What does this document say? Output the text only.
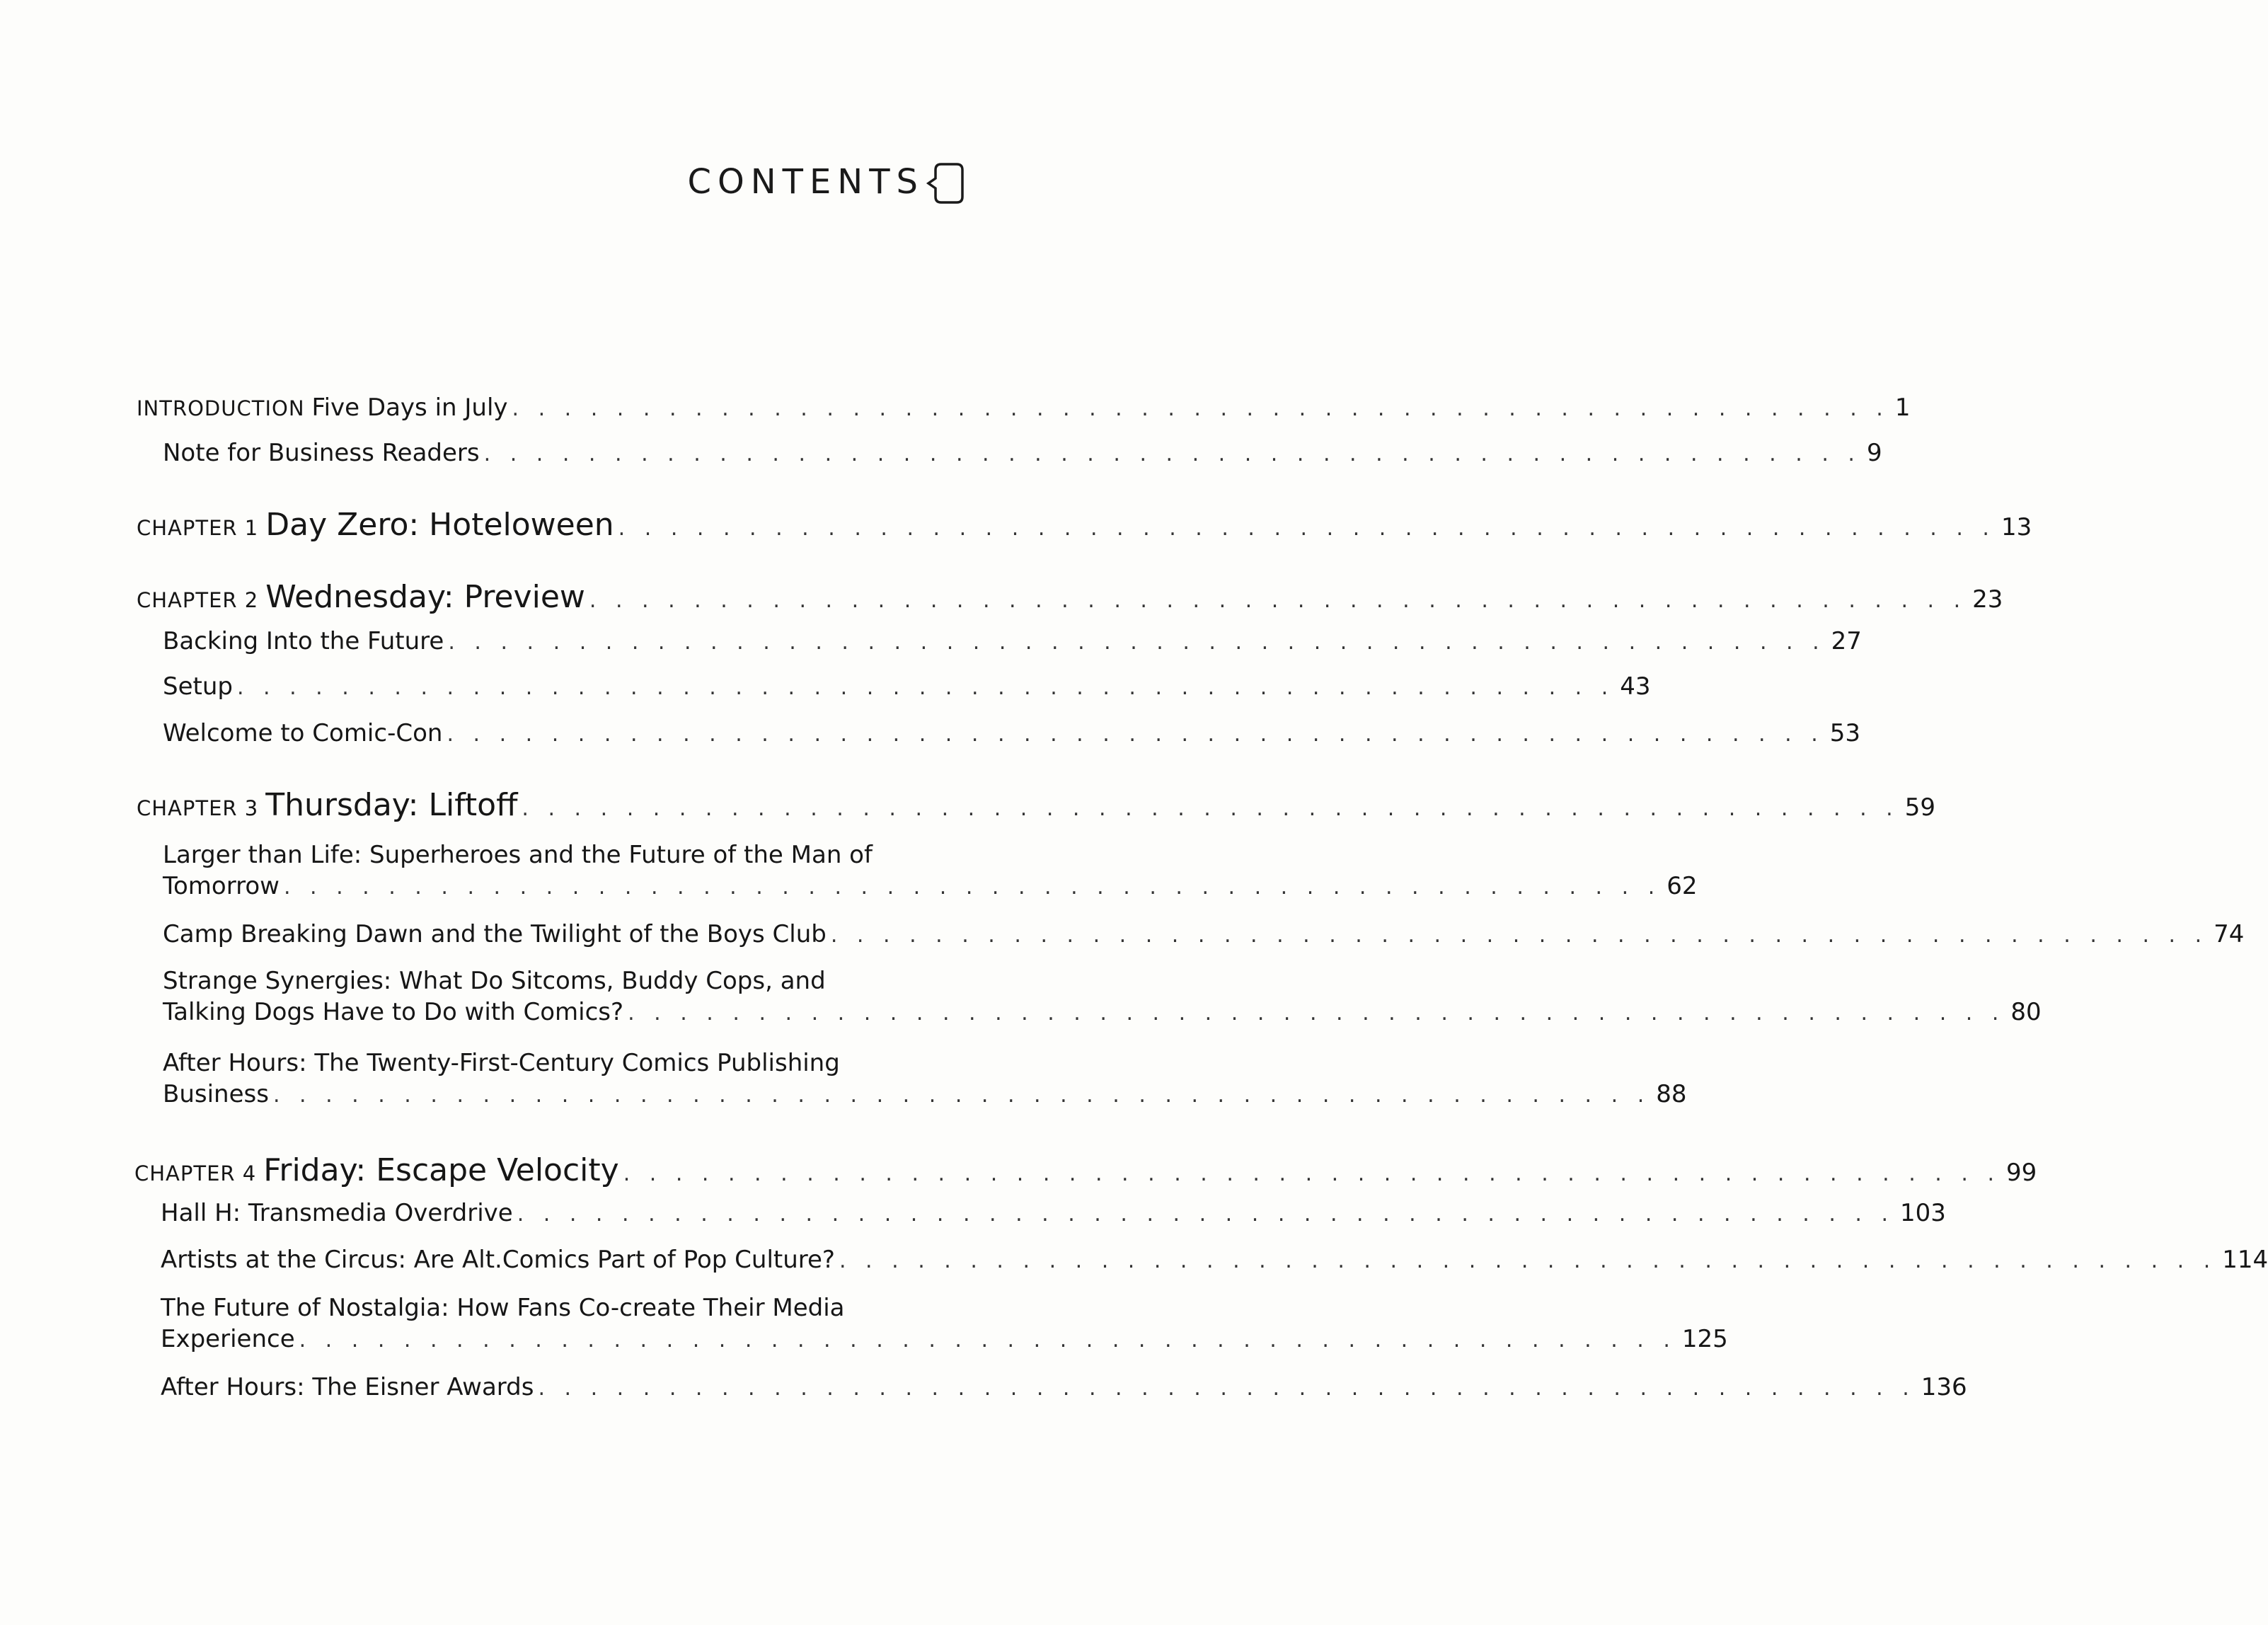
CONTENTS
INTRODUCTION Five Days in July . . . . . . . . . . . . . . . . . . . . . . . . . . . . . . . . . . . . . . . . . . . . . . . . . . . . . 1
Note for Business Readers . . . . . . . . . . . . . . . . . . . . . . . . . . . . . . . . . . . . . . . . . . . . . . . . . . . . . 9
CHAPTER 1 Day Zero: Hoteloween . . . . . . . . . . . . . . . . . . . . . . . . . . . . . . . . . . . . . . . . . . . . . . . . . . . . . 13
CHAPTER 2 Wednesday: Preview . . . . . . . . . . . . . . . . . . . . . . . . . . . . . . . . . . . . . . . . . . . . . . . . . . . . . 23
Backing Into the Future . . . . . . . . . . . . . . . . . . . . . . . . . . . . . . . . . . . . . . . . . . . . . . . . . . . . . 27
Setup . . . . . . . . . . . . . . . . . . . . . . . . . . . . . . . . . . . . . . . . . . . . . . . . . . . . . 43
Welcome to Comic-Con . . . . . . . . . . . . . . . . . . . . . . . . . . . . . . . . . . . . . . . . . . . . . . . . . . . . . 53
CHAPTER 3 Thursday: Liftoff . . . . . . . . . . . . . . . . . . . . . . . . . . . . . . . . . . . . . . . . . . . . . . . . . . . . . 59
Larger than Life: Superheroes and the Future of the Man of
Tomorrow . . . . . . . . . . . . . . . . . . . . . . . . . . . . . . . . . . . . . . . . . . . . . . . . . . . . . 62
Camp Breaking Dawn and the Twilight of the Boys Club . . . . . . . . . . . . . . . . . . . . . . . . . . . . . . . . . . . . . . . . . . . . . . . . . . . . . 74
Strange Synergies: What Do Sitcoms, Buddy Cops, and
Talking Dogs Have to Do with Comics? . . . . . . . . . . . . . . . . . . . . . . . . . . . . . . . . . . . . . . . . . . . . . . . . . . . . . 80
After Hours: The Twenty-First-Century Comics Publishing
Business . . . . . . . . . . . . . . . . . . . . . . . . . . . . . . . . . . . . . . . . . . . . . . . . . . . . . 88
CHAPTER 4 Friday: Escape Velocity . . . . . . . . . . . . . . . . . . . . . . . . . . . . . . . . . . . . . . . . . . . . . . . . . . . . . 99
Hall H: Transmedia Overdrive . . . . . . . . . . . . . . . . . . . . . . . . . . . . . . . . . . . . . . . . . . . . . . . . . . . . . 103
Artists at the Circus: Are Alt.Comics Part of Pop Culture? . . . . . . . . . . . . . . . . . . . . . . . . . . . . . . . . . . . . . . . . . . . . . . . . . . . . . 114
The Future of Nostalgia: How Fans Co-create Their Media
Experience . . . . . . . . . . . . . . . . . . . . . . . . . . . . . . . . . . . . . . . . . . . . . . . . . . . . . 125
After Hours: The Eisner Awards . . . . . . . . . . . . . . . . . . . . . . . . . . . . . . . . . . . . . . . . . . . . . . . . . . . . . 136
